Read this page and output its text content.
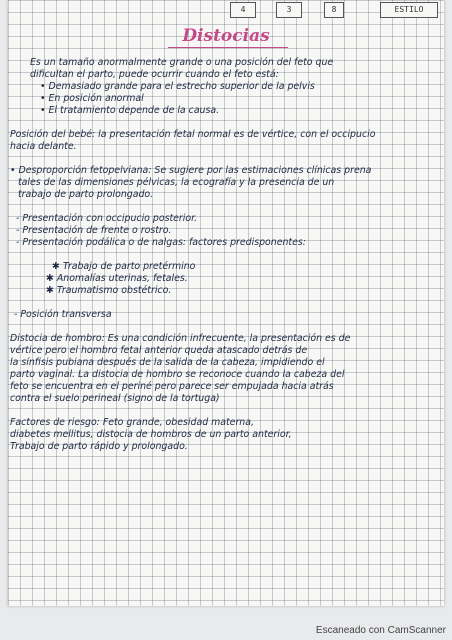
4	3	8	ESTILO
Distocias
Es un tamaño anormalmente grande o una posición del feto que
dificultan el parto, puede ocurrir cuando el feto está:
• Demasiado grande para el estrecho superior de la pelvis
• En posición anormal
• El tratamiento depende de la causa.
Posición del bebé: la presentación fetal normal es de vértice, con el occipucio
hacia delante.
• Desproporción fetopelviana: Se sugiere por las estimaciones clínicas prena
tales de las dimensiones pélvicas, la ecografía y la presencia de un
trabajo de parto prolongado.
- Presentación con occipucio posterior.
- Presentación de frente o rostro.
- Presentación podálica o de nalgas: factores predisponentes:
✱ Trabajo de parto pretérmino
✱ Anomalías uterinas, fetales.
✱ Traumatismo obstétrico.
- Posición transversa
Distocia de hombro: Es una condición infrecuente, la presentación es de
vértice pero el hombro fetal anterior queda atascado detrás de
la sínfisis pubiana después de la salida de la cabeza, impidiendo el
parto vaginal. La distocia de hombro se reconoce cuando la cabeza del
feto se encuentra en el periné pero parece ser empujada hacia atrás
contra el suelo perineal (signo de la tortuga)
Factores de riesgo: Feto grande, obesidad materna,
diabetes mellitus, distocia de hombros de un parto anterior,
Trabajo de parto rápido y prolongado.
Escaneado con CamScanner
